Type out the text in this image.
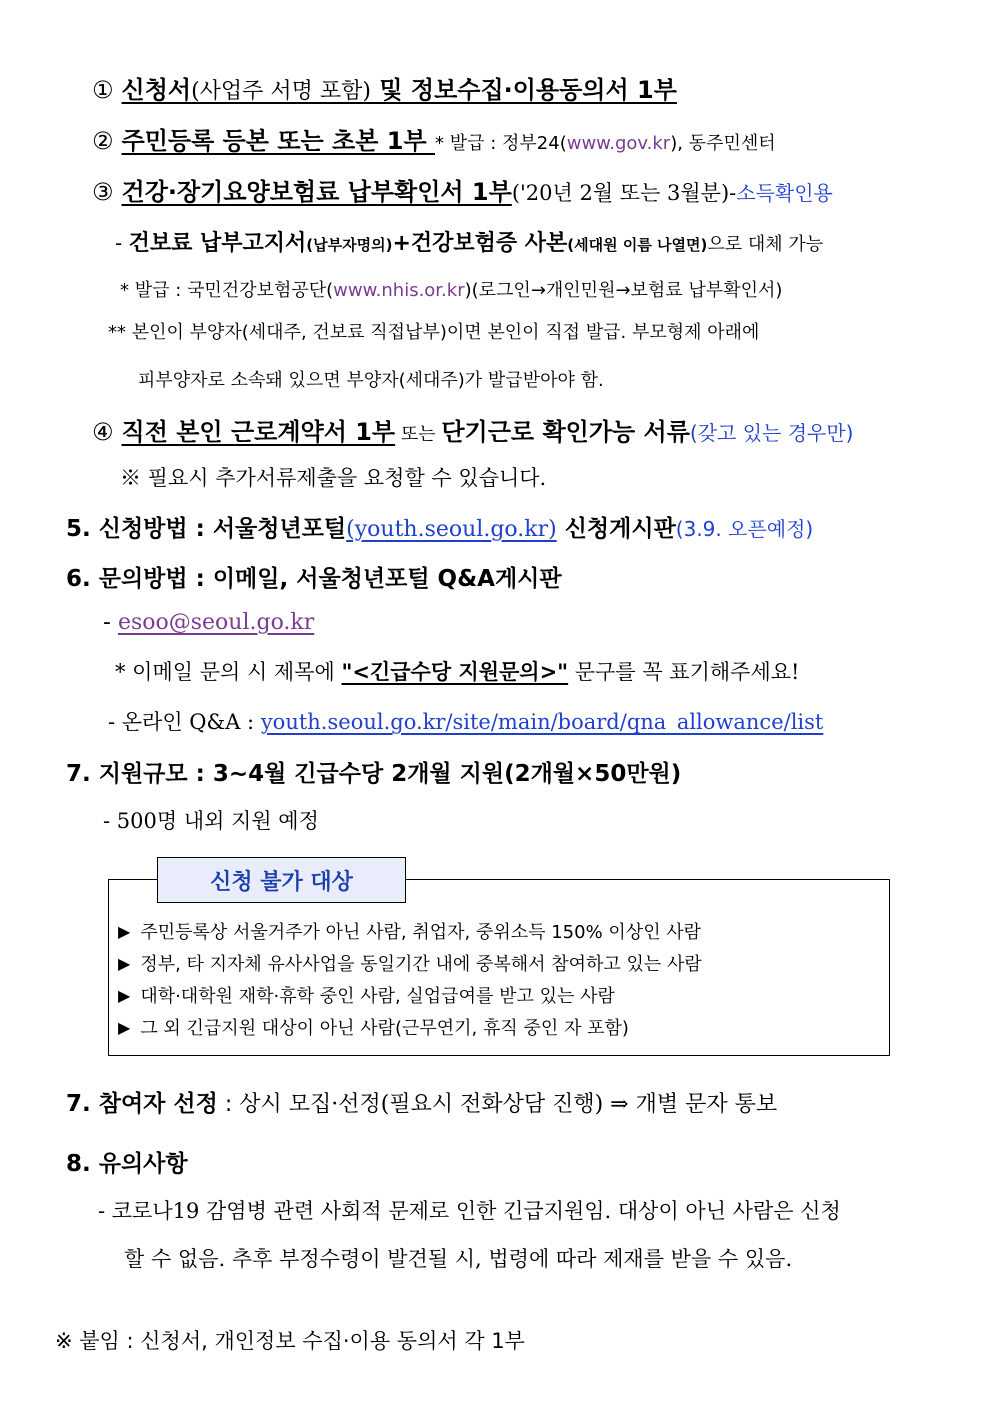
① 신청서(사업주 서명 포함) 및 정보수집·이용동의서 1부
② 주민등록 등본 또는 초본 1부 * 발급 : 정부24(www.gov.kr), 동주민센터
③ 건강·장기요양보험료 납부확인서 1부('20년 2월 또는 3월분)-소득확인용
- 건보료 납부고지서(납부자명의)+건강보험증 사본(세대원 이름 나열면)으로 대체 가능
* 발급 : 국민건강보험공단(www.nhis.or.kr)(로그인→개인민원→보험료 납부확인서)
** 본인이 부양자(세대주, 건보료 직접납부)이면 본인이 직접 발급. 부모형제 아래에
피부양자로 소속돼 있으면 부양자(세대주)가 발급받아야 함.
④ 직전 본인 근로계약서 1부 또는 단기근로 확인가능 서류(갖고 있는 경우만)
※ 필요시 추가서류제출을 요청할 수 있습니다.
5. 신청방법 : 서울청년포털(youth.seoul.go.kr) 신청게시판(3.9. 오픈예정)
6. 문의방법 : 이메일, 서울청년포털 Q&A게시판
- esoo@seoul.go.kr
* 이메일 문의 시 제목에 "<긴급수당 지원문의>" 문구를 꼭 표기해주세요!
- 온라인 Q&A : youth.seoul.go.kr/site/main/board/qna_allowance/list
7. 지원규모 : 3~4월 긴급수당 2개월 지원(2개월×50만원)
- 500명 내외 지원 예정
신청 불가 대상
▶ 주민등록상 서울거주가 아닌 사람, 취업자, 중위소득 150% 이상인 사람
▶ 정부, 타 지자체 유사사업을 동일기간 내에 중복해서 참여하고 있는 사람
▶ 대학·대학원 재학·휴학 중인 사람, 실업급여를 받고 있는 사람
▶ 그 외 긴급지원 대상이 아닌 사람(근무연기, 휴직 중인 자 포함)
7. 참여자 선정 : 상시 모집·선정(필요시 전화상담 진행) ⇒ 개별 문자 통보
8. 유의사항
- 코로나19 감염병 관련 사회적 문제로 인한 긴급지원임. 대상이 아닌 사람은 신청
할 수 없음. 추후 부정수령이 발견될 시, 법령에 따라 제재를 받을 수 있음.
※ 붙임 : 신청서, 개인정보 수집·이용 동의서 각 1부
